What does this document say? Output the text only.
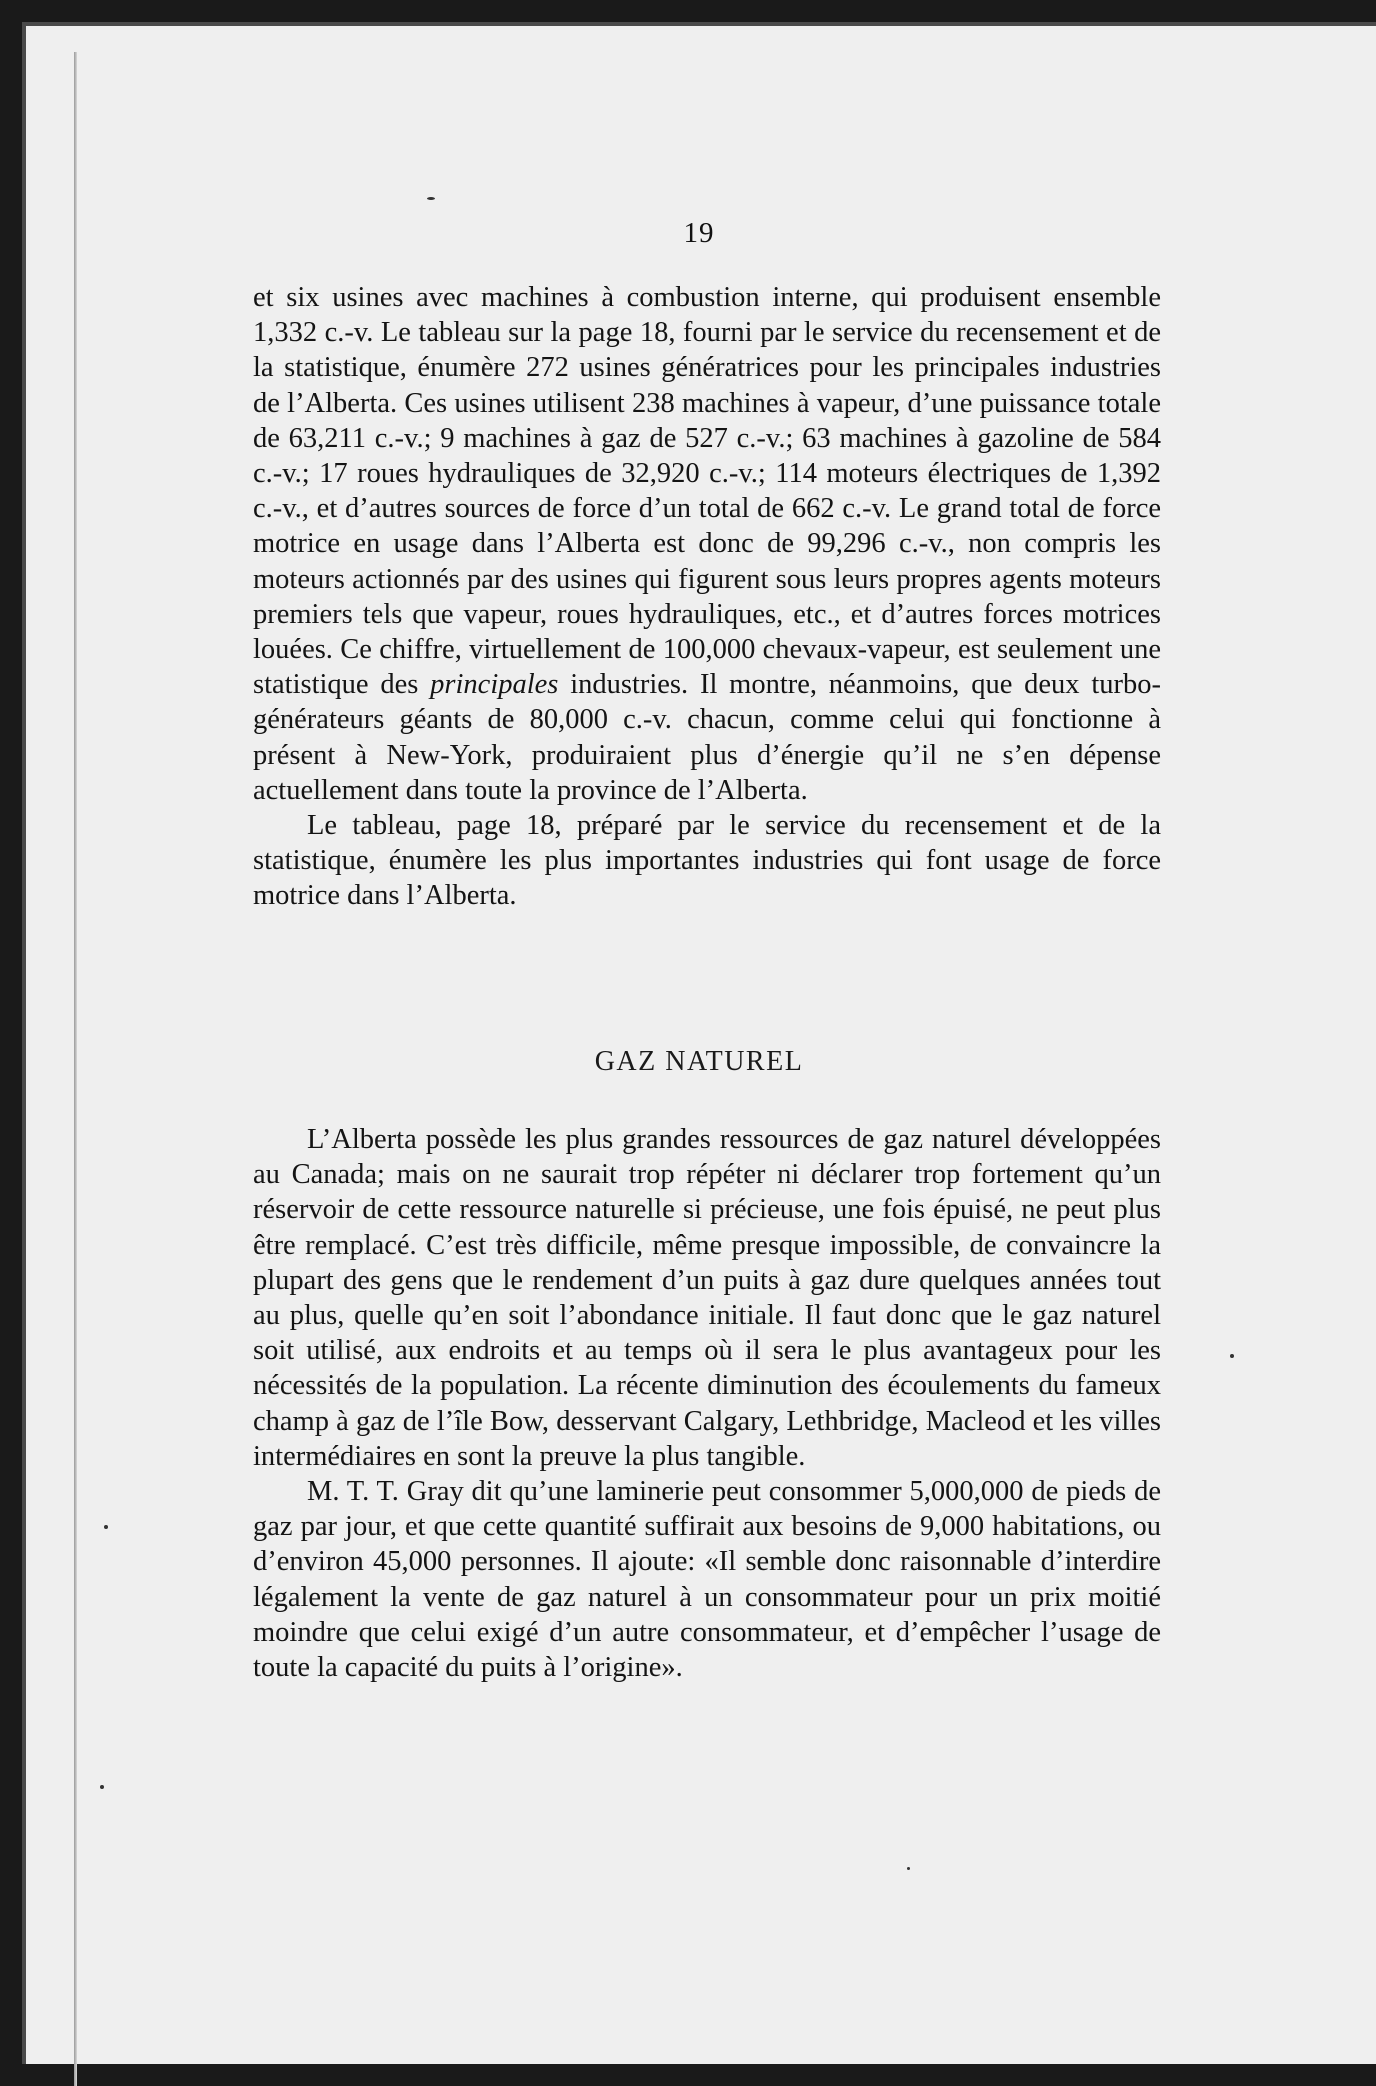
19

et six usines avec machines à combustion interne, qui produisent ensemble 1,332 c.-v. Le tableau sur la page 18, fourni par le service du recensement et de la statistique, énumère 272 usines génératrices pour les principales industries de l’Alberta. Ces usines utilisent 238 machines à vapeur, d’une puissance totale de 63,211 c.-v.; 9 machines à gaz de 527 c.-v.; 63 machines à gazoline de 584 c.-v.; 17 roues hydrauliques de 32,920 c.-v.; 114 moteurs électriques de 1,392 c.-v., et d’autres sources de force d’un total de 662 c.-v. Le grand total de force motrice en usage dans l’Alberta est donc de 99,296 c.-v., non compris les moteurs actionnés par des usines qui figurent sous leurs propres agents moteurs premiers tels que vapeur, roues hydrauliques, etc., et d’autres forces motrices louées. Ce chiffre, virtuellement de 100,000 chevaux-vapeur, est seulement une statistique des principales industries. Il montre, néanmoins, que deux turbo-générateurs géants de 80,000 c.-v. chacun, comme celui qui fonctionne à présent à New-York, produiraient plus d’énergie qu’il ne s’en dépense actuellement dans toute la province de l’Alberta.

Le tableau, page 18, préparé par le service du recensement et de la statistique, énumère les plus importantes industries qui font usage de force motrice dans l’Alberta.

GAZ NATUREL

L’Alberta possède les plus grandes ressources de gaz naturel développées au Canada; mais on ne saurait trop répéter ni déclarer trop fortement qu’un réservoir de cette ressource naturelle si précieuse, une fois épuisé, ne peut plus être remplacé. C’est très difficile, même presque impossible, de convaincre la plupart des gens que le rendement d’un puits à gaz dure quelques années tout au plus, quelle qu’en soit l’abondance initiale. Il faut donc que le gaz naturel soit utilisé, aux endroits et au temps où il sera le plus avantageux pour les nécessités de la population. La récente diminution des écoulements du fameux champ à gaz de l’île Bow, desservant Calgary, Lethbridge, Macleod et les villes intermédiaires en sont la preuve la plus tangible.

M. T. T. Gray dit qu’une laminerie peut consommer 5,000,000 de pieds de gaz par jour, et que cette quantité suffirait aux besoins de 9,000 habitations, ou d’environ 45,000 personnes. Il ajoute: «Il semble donc raisonnable d’interdire légalement la vente de gaz naturel à un consommateur pour un prix moitié moindre que celui exigé d’un autre consommateur, et d’empêcher l’usage de toute la capacité du puits à l’origine».
